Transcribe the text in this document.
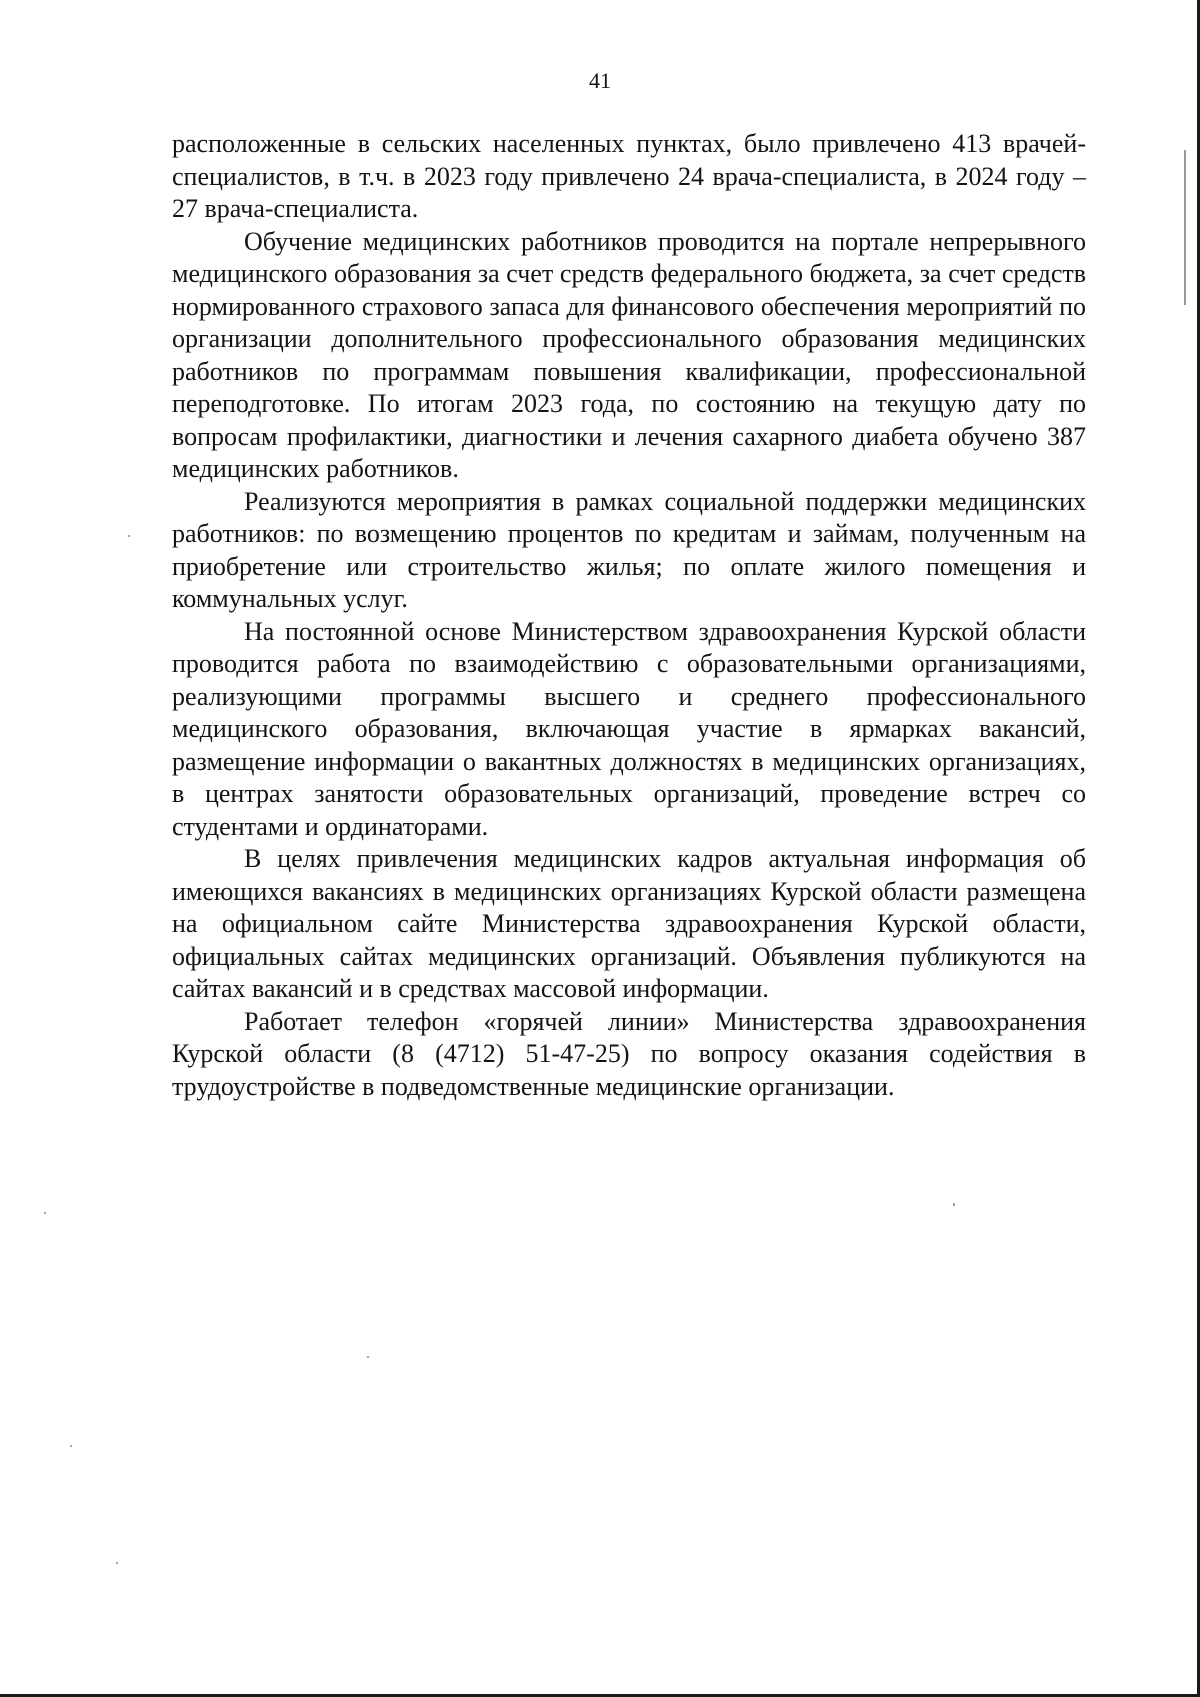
41

расположенные в сельских населенных пунктах, было привлечено 413 врачей-специалистов, в т.ч. в 2023 году привлечено 24 врача-специалиста, в 2024 году – 27 врача-специалиста.

Обучение медицинских работников проводится на портале непрерывного медицинского образования за счет средств федерального бюджета, за счет средств нормированного страхового запаса для финансового обеспечения мероприятий по организации дополнительного профессионального образования медицинских работников по программам повышения квалификации, профессиональной переподготовке. По итогам 2023 года, по состоянию на текущую дату по вопросам профилактики, диагностики и лечения сахарного диабета обучено 387 медицинских работников.

Реализуются мероприятия в рамках социальной поддержки медицинских работников: по возмещению процентов по кредитам и займам, полученным на приобретение или строительство жилья; по оплате жилого помещения и коммунальных услуг.

На постоянной основе Министерством здравоохранения Курской области проводится работа по взаимодействию с образовательными организациями, реализующими программы высшего и среднего профессионального медицинского образования, включающая участие в ярмарках вакансий, размещение информации о вакантных должностях в медицинских организациях, в центрах занятости образовательных организаций, проведение встреч со студентами и ординаторами.

В целях привлечения медицинских кадров актуальная информация об имеющихся вакансиях в медицинских организациях Курской области размещена на официальном сайте Министерства здравоохранения Курской области, официальных сайтах медицинских организаций. Объявления публикуются на сайтах вакансий и в средствах массовой информации.

Работает телефон «горячей линии» Министерства здравоохранения Курской области (8 (4712) 51-47-25) по вопросу оказания содействия в трудоустройстве в подведомственные медицинские организации.
